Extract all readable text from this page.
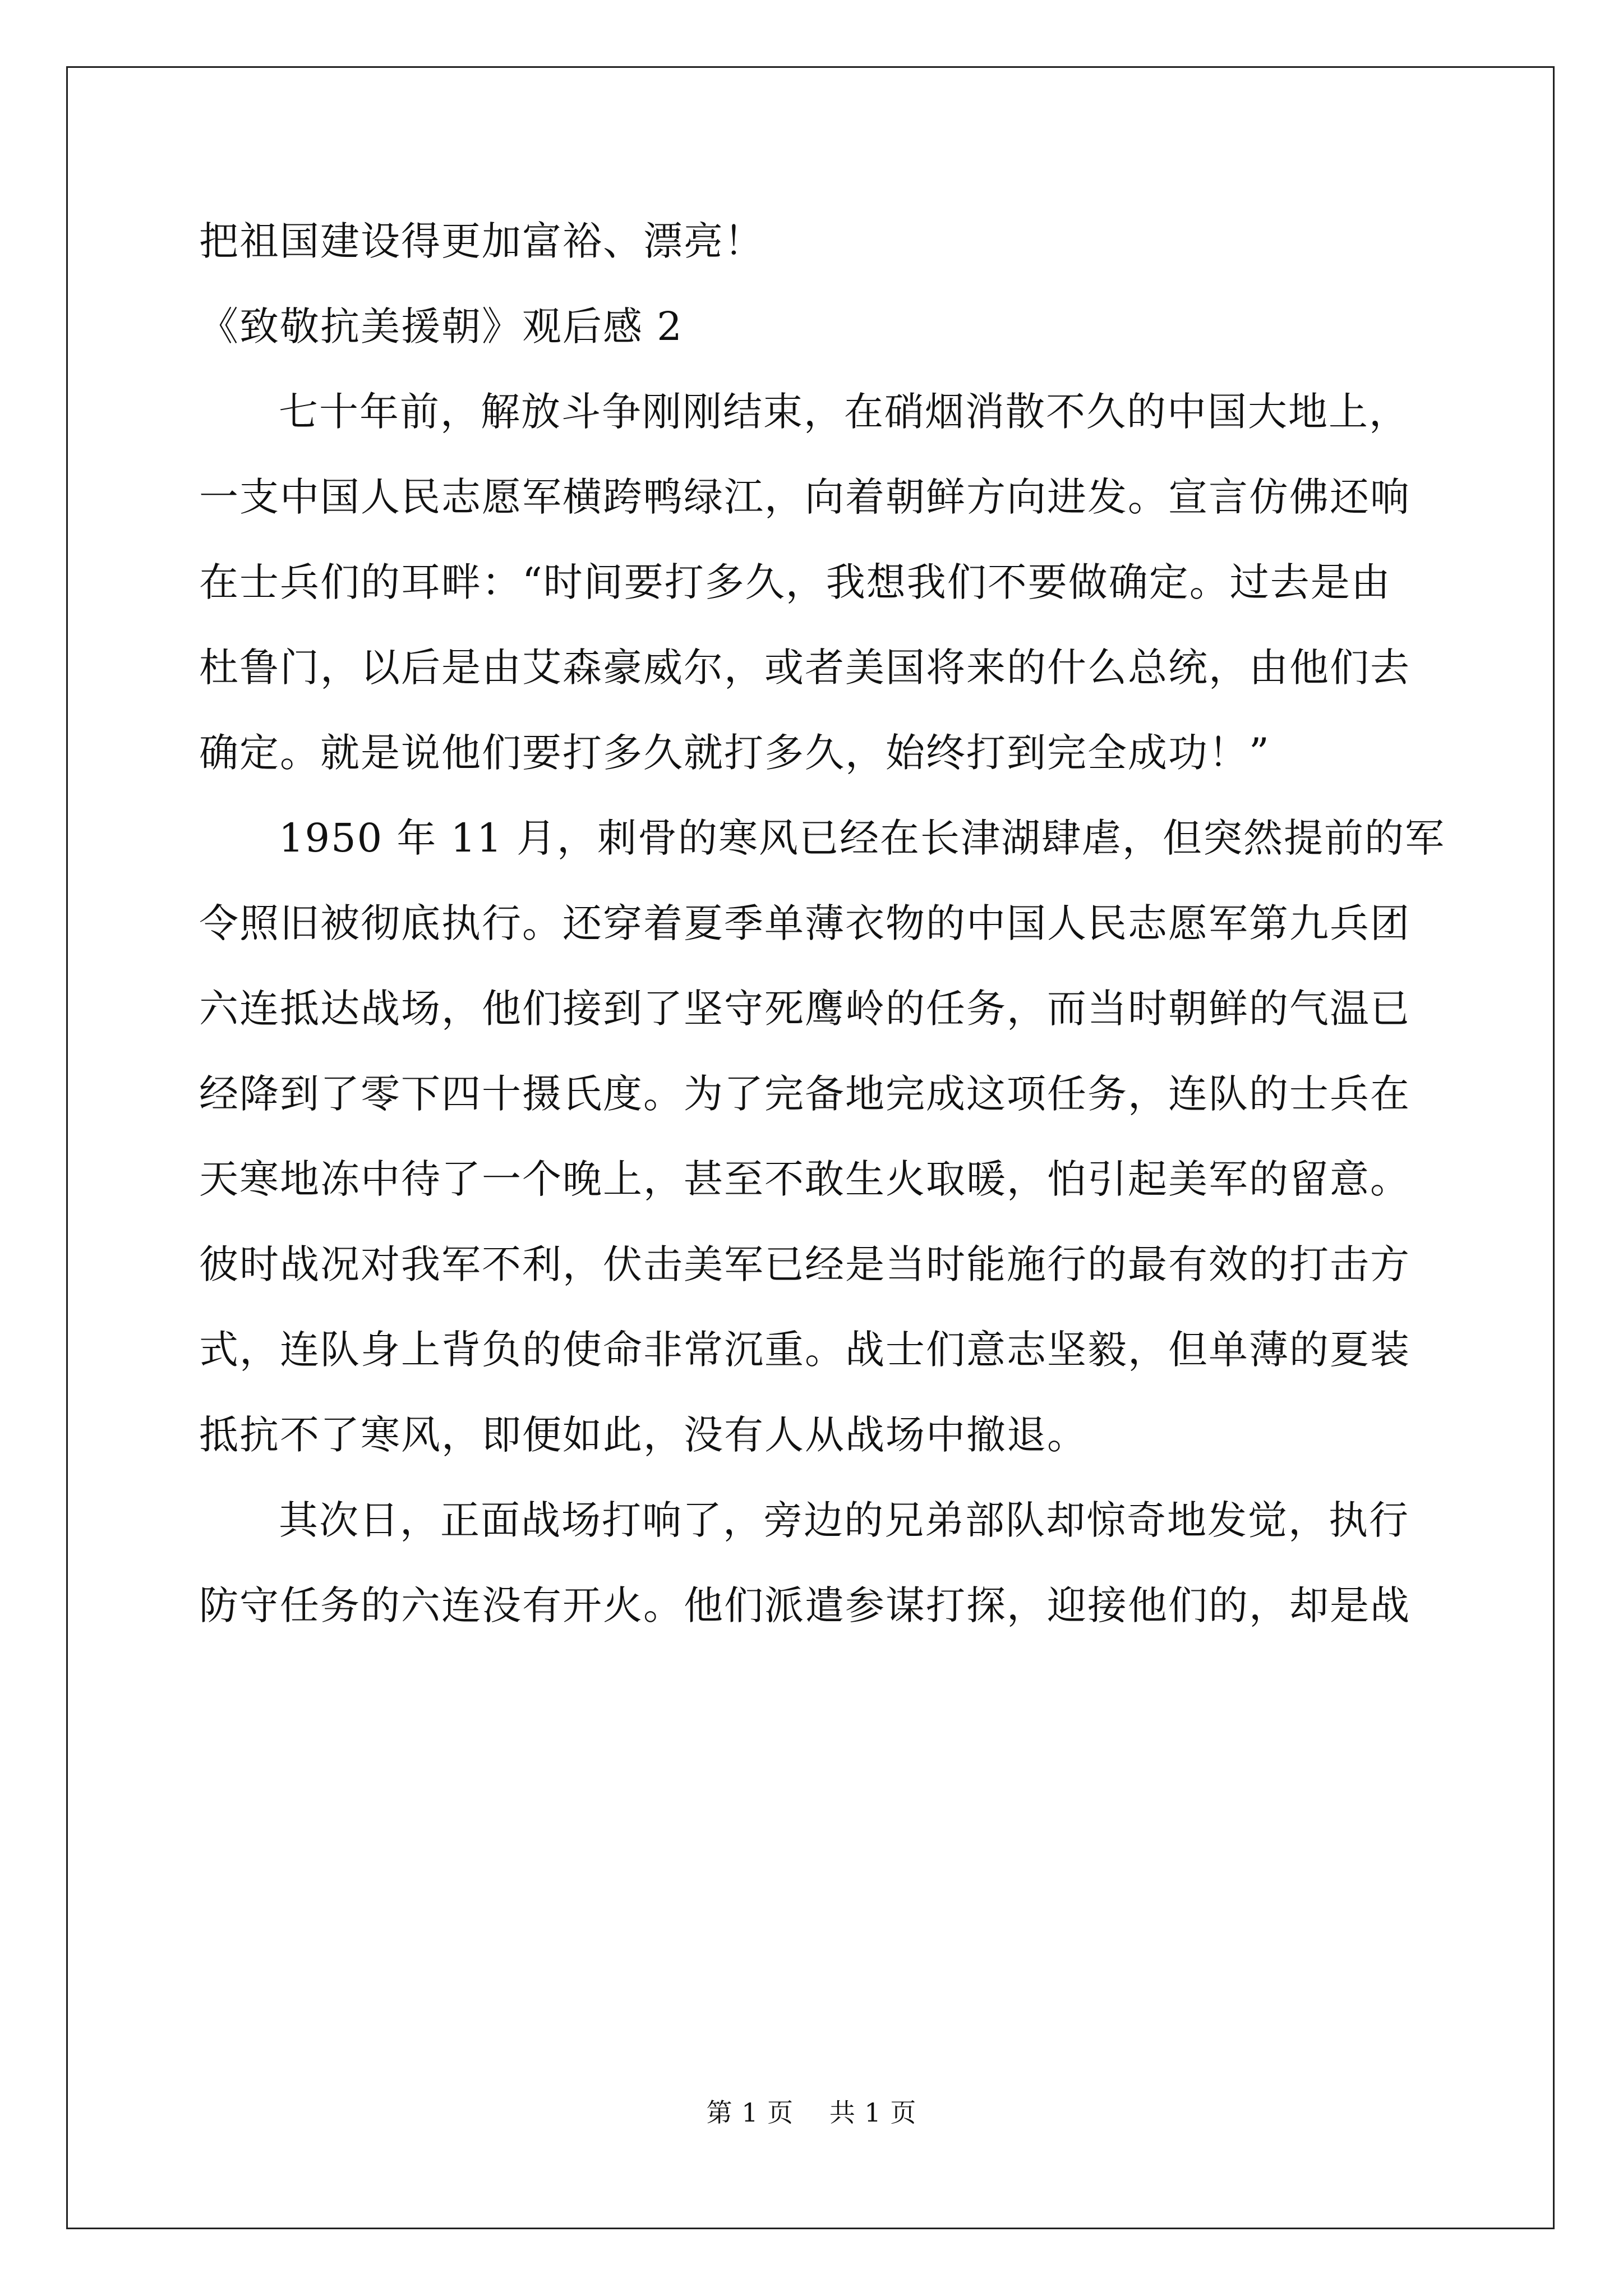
把祖国建设得更加富裕、漂亮！

《致敬抗美援朝》观后感 2

七十年前，解放斗争刚刚结束，在硝烟消散不久的中国大地上，

一支中国人民志愿军横跨鸭绿江，向着朝鲜方向进发。宣言仿佛还响

在士兵们的耳畔：“时间要打多久，我想我们不要做确定。过去是由

杜鲁门，以后是由艾森豪威尔，或者美国将来的什么总统，由他们去

确定。就是说他们要打多久就打多久，始终打到完全成功！”

1950 年 11 月，刺骨的寒风已经在长津湖肆虐，但突然提前的军

令照旧被彻底执行。还穿着夏季单薄衣物的中国人民志愿军第九兵团

六连抵达战场，他们接到了坚守死鹰岭的任务，而当时朝鲜的气温已

经降到了零下四十摄氏度。为了完备地完成这项任务，连队的士兵在

天寒地冻中待了一个晚上，甚至不敢生火取暖，怕引起美军的留意。

彼时战况对我军不利，伏击美军已经是当时能施行的最有效的打击方

式，连队身上背负的使命非常沉重。战士们意志坚毅，但单薄的夏装

抵抗不了寒风，即便如此，没有人从战场中撤退。

其次日，正面战场打响了，旁边的兄弟部队却惊奇地发觉，执行

防守任务的六连没有开火。他们派遣参谋打探，迎接他们的，却是战

第 1 页 共 1 页
